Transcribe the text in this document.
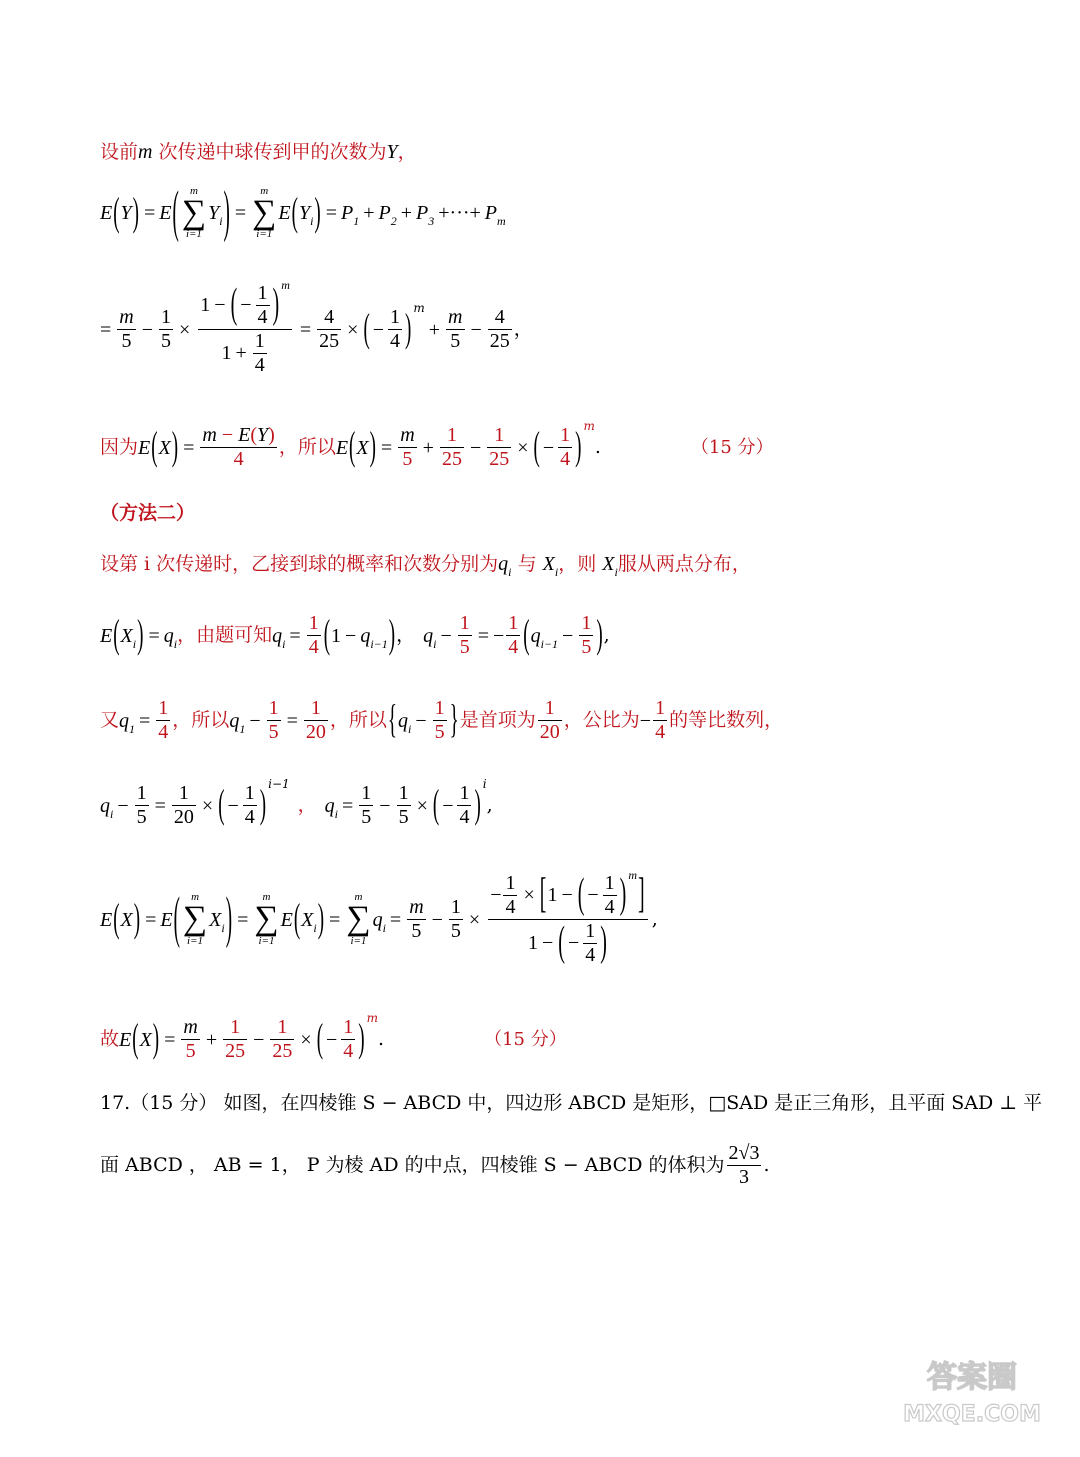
设前m 次传递中球传到甲的次数为Y，
E ( Y ) = E ( m
∑
i=1
$Y_i$ ) =
m
∑
i=1
E ( $Y_i$ ) = $P_1 + P_2 + P_3$ +···+ $P_m$
= $\frac{m}{5} - \frac{1}{5} \times \frac{1 - ( - \frac{1}{4} ) m}{1 + \frac{1}{4}} = \frac{4}{25}$ × ( − $\frac{1}{4}$ ) m
+ $\frac{m}{5} - \frac{4}{25}$ ，
因为 E ( X ) = $\frac{m - E(Y)}{4}$ ，所以 E ( X ) = $\frac{m}{5} + \frac{1}{25} - \frac{1}{25}$ × ( − $\frac{1}{4}$ ) m
.	（15 分）
（方法二）
设第 i 次传递时，乙接到球的概率和次数分别为$q_i$ 与 $X_i$，则 $X_i$服从两点分布，
E ( $X_i$ ) = $q_i$ ，由题可知 $q_i = \frac{1}{4}$ ( $1 - q_{i-1}$ ) ， $q_i - \frac{1}{5}$ = − $\frac{1}{4}$ ( $q_{i-1} - \frac{1}{5}$ ) ,
又 $q_1 = \frac{1}{4}$ ，所以 $q_1 - \frac{1}{5} = \frac{1}{20}$ ，所以 { $q_i - \frac{1}{5}$ } 是首项为 $\frac{1}{20}$ ，公比为 − $\frac{1}{4}$ 的等比数列，
$q_i - \frac{1}{5} = \frac{1}{20}$ × ( − $\frac{1}{4}$ ) i−1
， $q_i = \frac{1}{5} - \frac{1}{5}$ × ( − $\frac{1}{4}$ ) i
,
E ( X ) = E ( m
∑
i=1
$X_i$ ) =
m
∑
i=1
E ( $X_i$ ) =
m
∑
i=1
$q_i = \frac{m}{5} - \frac{1}{5} \times \frac{- \frac{1}{4} \times [ 1 - ( - \frac{1}{4} ) m ]}{1 - ( - \frac{1}{4} )}$ ,
故 E ( X ) = $\frac{m}{5} + \frac{1}{25} - \frac{1}{25}$ × ( − $\frac{1}{4}$ ) m
.	（15 分）
17.（15 分） 如图，在四棱锥 S − ABCD 中，四边形 ABCD 是矩形，□SAD 是正三角形，且平面 SAD ⊥ 平
面 ABCD ， AB = 1， P 为棱 AD 的中点，四棱锥 S − ABCD 的体积为 $\frac{2√3}{3}$ .
答案圈
MXQE.COM
